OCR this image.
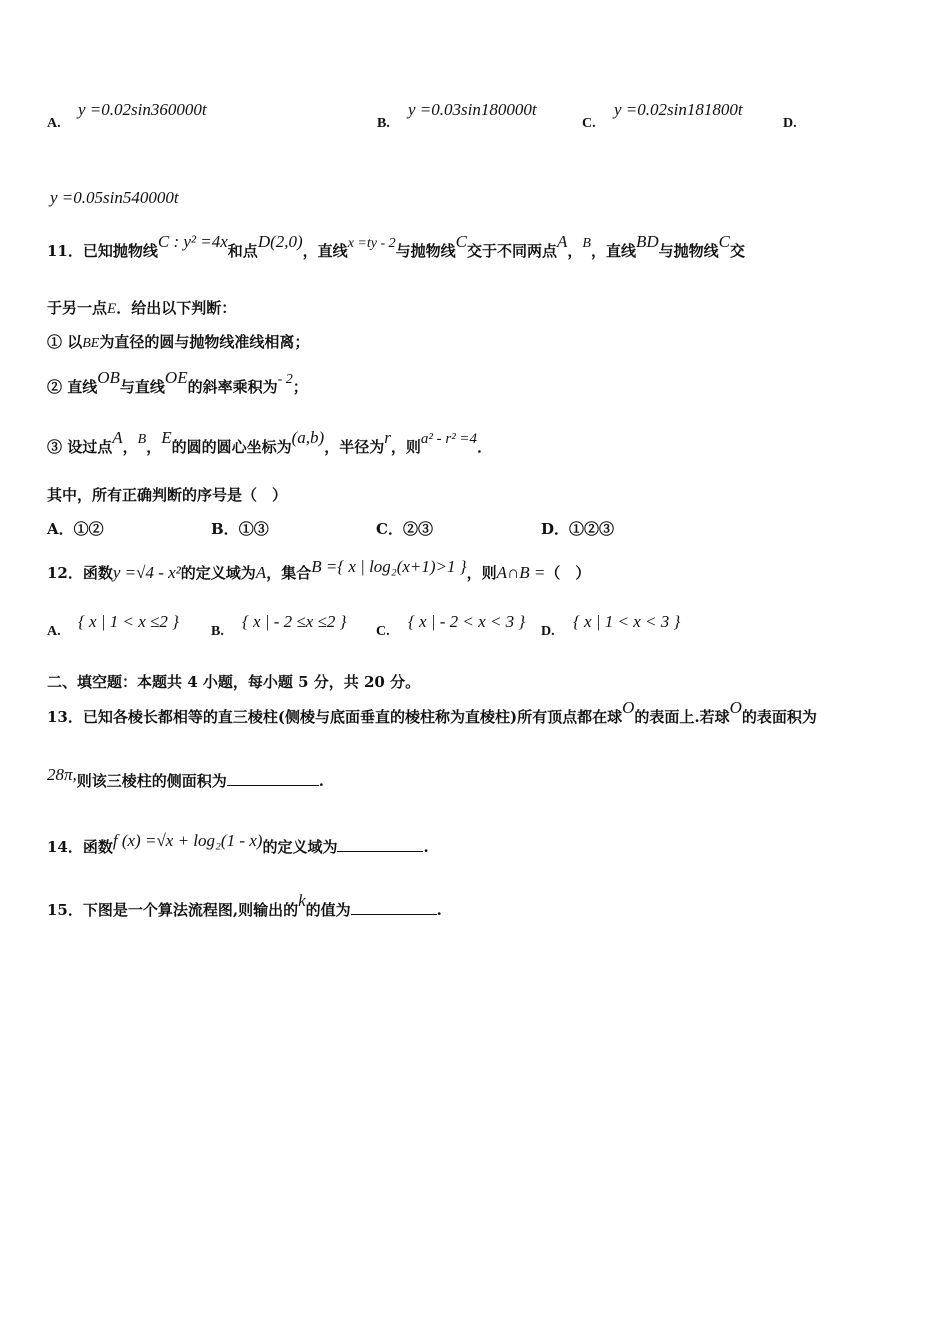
A.
y =0.02sin360000t
B.
y =0.03sin180000t
C.
y =0.02sin181800t
D.
y =0.05sin540000t
11．已知抛物线C : y² =4x和点D(2,0)，直线x =ty - 2与抛物线C交于不同两点A，B，直线BD与抛物线C交
于另一点E．给出以下判断：
① 以BE为直径的圆与抛物线准线相离；
② 直线OB与直线OE的斜率乘积为- 2；
③ 设过点A，B，E的圆的圆心坐标为(a,b)，半径为r，则a² - r² =4．
其中，所有正确判断的序号是（　）
A．①②	B．①③	C．②③	D．①②③
12．函数y =√4 - x²的定义域为A，集合B ={ x | log₂(x+1)>1 }，则A∩B =（　）
A.
{ x | 1 < x ≤2 }
B.
{ x | - 2 ≤x ≤2 }
C.
{ x | - 2 < x < 3 }
D.
{ x | 1 < x < 3 }
二、填空题：本题共 4 小题，每小题 5 分，共 20 分。
13．已知各棱长都相等的直三棱柱(侧棱与底面垂直的棱柱称为直棱柱)所有顶点都在球O的表面上.若球O的表面积为
28π,则该三棱柱的侧面积为	.
14．函数f (x) =√x + log₂(1 - x)的定义域为	.
15．下图是一个算法流程图,则输出的k的值为	.
